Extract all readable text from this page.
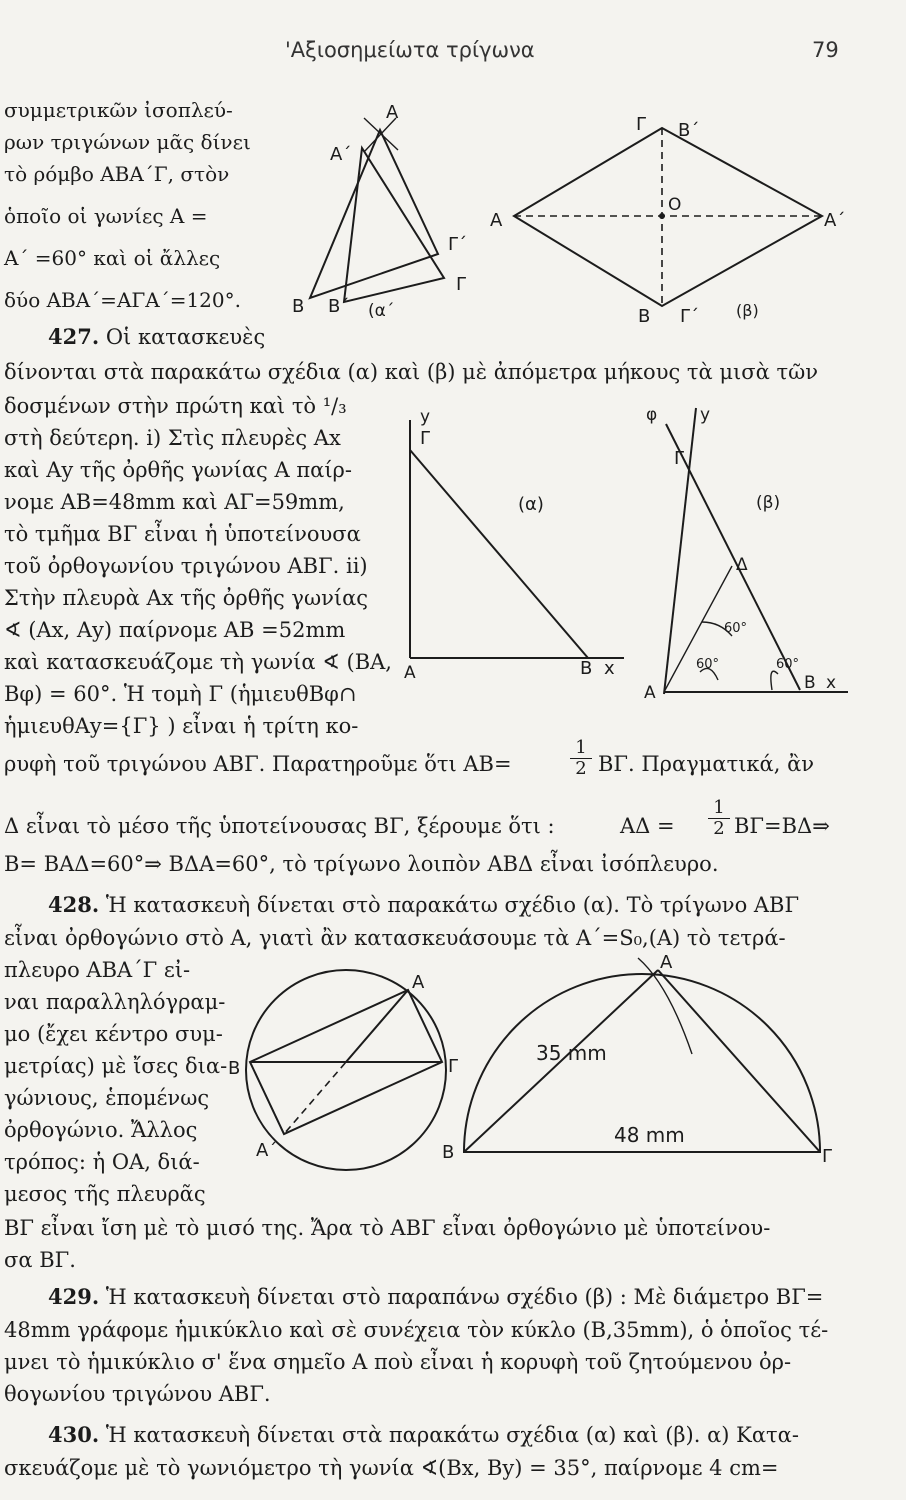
'Αξιοσημείωτα τρίγωνα	79
συμμετρικῶν ἰσοπλεύ-
ρων τριγώνων μᾶς δίνει
τὸ ρόμβο ΑΒΑ΄Γ, στὸν
ὁποῖο οἱ γωνίες Α =
Α΄ =60° καὶ οἱ ἄλλες
δύο ΑΒΑ΄=ΑΓΑ΄=120°.
Α
Α΄
Γ΄
Γ
Β Β΄ (α΄
Γ Β΄
Ο
Α	Α΄
Β Γ΄ (β)
427. Οἱ κατασκευὲς
δίνονται στὰ παρακάτω σχέδια (α) καὶ (β) μὲ ἀπόμετρα μήκους τὰ μισὰ τῶν
δοσμένων στὴν πρώτη καὶ τὸ ¹/₃
στὴ δεύτερη. i) Στὶς πλευρὲς Αx
καὶ Αy τῆς ὀρθῆς γωνίας Α παίρ-
νομε ΑΒ=48mm καὶ ΑΓ=59mm,
τὸ τμῆμα ΒΓ εἶναι ἡ ὑποτείνουσα
τοῦ ὀρθογωνίου τριγώνου ΑΒΓ. ii)
Στὴν πλευρὰ Αx τῆς ὀρθῆς γωνίας
∢ (Αx, Αy) παίρνομε ΑΒ =52mm
καὶ κατασκευάζομε τὴ γωνία ∢ (ΒΑ,
Βφ) = 60°. Ἡ τομὴ Γ (ἡμιευθΒφ∩
ἡμιευθΑy={Γ} ) εἶναι ἡ τρίτη κο-
ρυφὴ τοῦ τριγώνου ΑΒΓ. Παρατηροῦμε ὅτι ΑΒ=	$\frac{1}{2} B\Gamma$. Πραγματικά, ἂν
Δ εἶναι τὸ μέσο τῆς ὑποτείνουσας ΒΓ, ξέρουμε ὅτι :	$A\Delta = \frac{1}{2}$ ΒΓ=ΒΔ⇒
Β= ΒΑΔ=60°⇒ ΒΔΑ=60°, τὸ τρίγωνο λοιπὸν ΑΒΔ εἶναι ἰσόπλευρο.
y
Γ
(α)
Α	Β x
φ	y
Γ
(β)
Δ
60°
60°	60°
Α	Β x
428. Ἡ κατασκευὴ δίνεται στὸ παρακάτω σχέδιο (α). Τὸ τρίγωνο ΑΒΓ
εἶναι ὀρθογώνιο στὸ Α, γιατὶ ἂν κατασκευάσουμε τὰ Α΄=S₀,(Α) τὸ τετρά-
πλευρο ΑΒΑ΄Γ εἰ-
ναι παραλληλόγραμ-
μο (ἔχει κέντρο συμ-
μετρίας) μὲ ἴσες δια-
γώνιους, ἑπομένως
ὀρθογώνιο. Ἄλλος
τρόπος: ἡ ΟΑ, διά-
μεσος τῆς πλευρᾶς
ΒΓ εἶναι ἴση μὲ τὸ μισό της. Ἄρα τὸ ΑΒΓ εἶναι ὀρθογώνιο μὲ ὑποτείνου-
σα ΒΓ.
Α
Β	Γ
Α΄
Α
35 mm
48 mm
Β	Γ
429. Ἡ κατασκευὴ δίνεται στὸ παραπάνω σχέδιο (β) : Μὲ διάμετρο ΒΓ=
48mm γράφομε ἡμικύκλιο καὶ σὲ συνέχεια τὸν κύκλο (Β,35mm), ὁ ὁποῖος τέ-
μνει τὸ ἡμικύκλιο σ' ἕνα σημεῖο Α ποὺ εἶναι ἡ κορυφὴ τοῦ ζητούμενου ὀρ-
θογωνίου τριγώνου ΑΒΓ.
430. Ἡ κατασκευὴ δίνεται στὰ παρακάτω σχέδια (α) καὶ (β). α) Κατα-
σκευάζομε μὲ τὸ γωνιόμετρο τὴ γωνία ∢(Βx, Βy) = 35°, παίρνομε 4 cm=
